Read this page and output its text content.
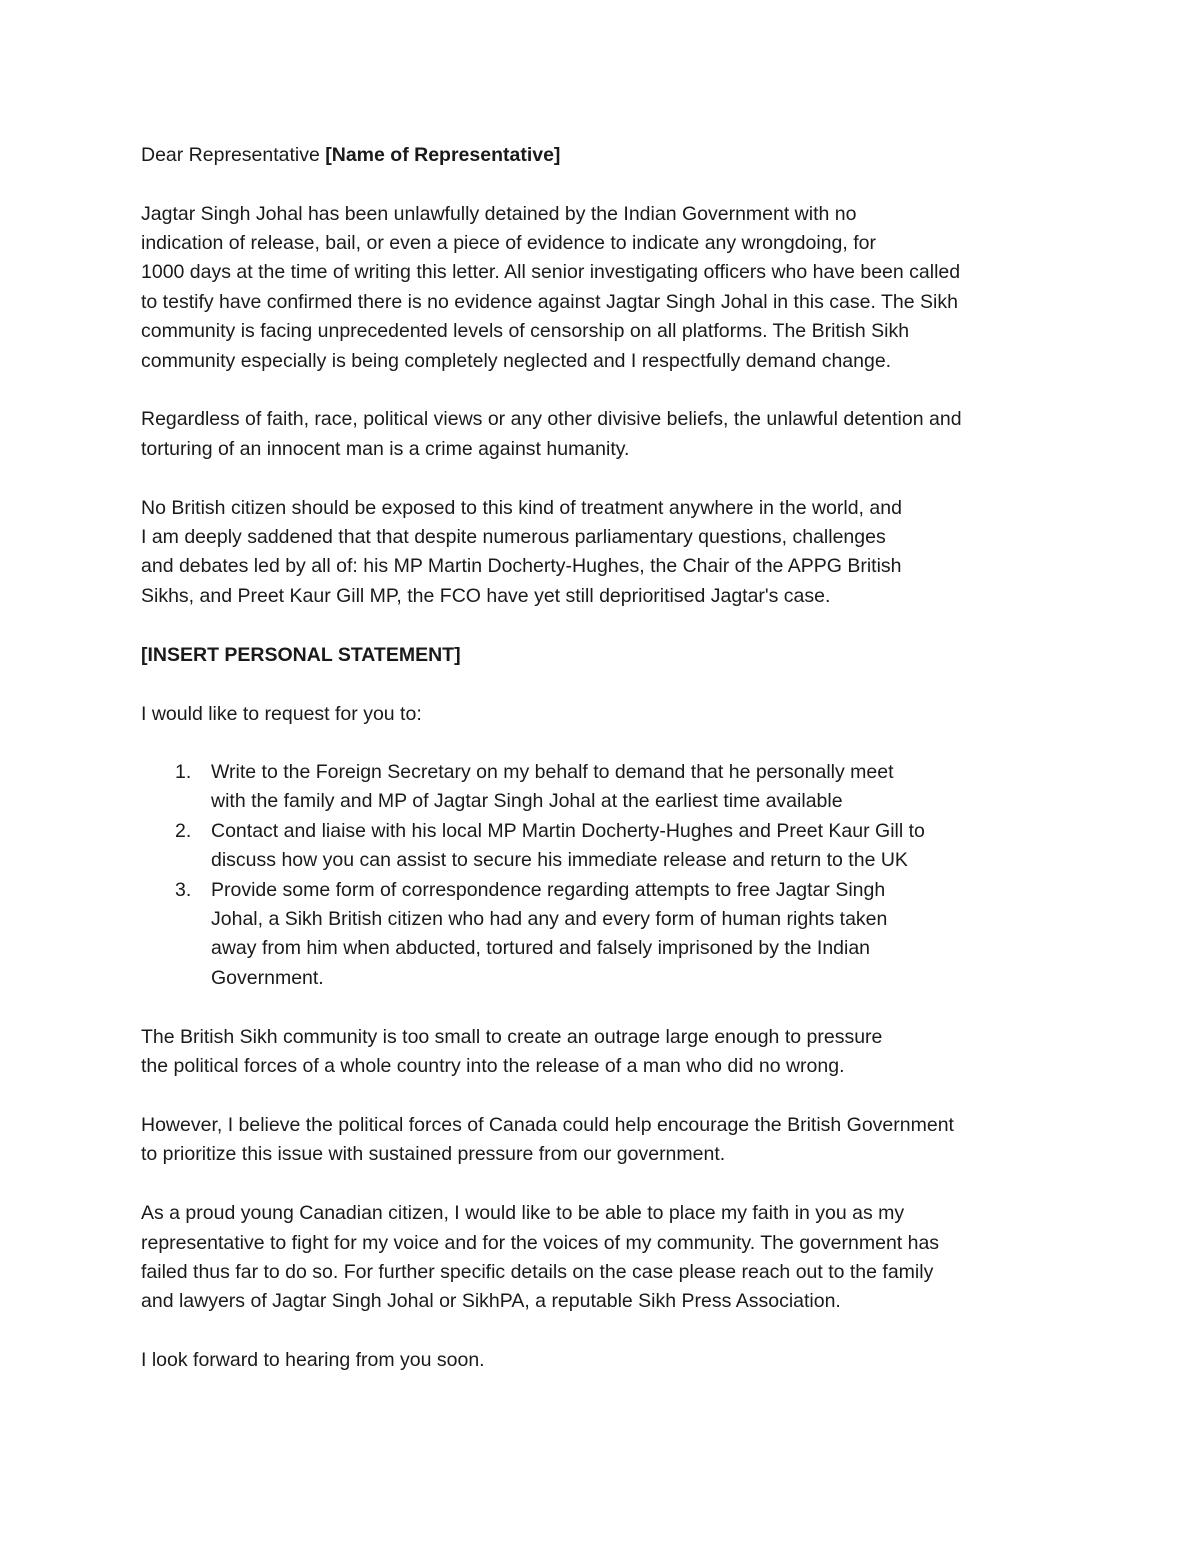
Dear Representative [Name of Representative]
Jagtar Singh Johal has been unlawfully detained by the Indian Government with no
indication of release, bail, or even a piece of evidence to indicate any wrongdoing, for
1000 days at the time of writing this letter. All senior investigating officers who have been called
to testify have confirmed there is no evidence against Jagtar Singh Johal in this case. The Sikh
community is facing unprecedented levels of censorship on all platforms. The British Sikh
community especially is being completely neglected and I respectfully demand change.
Regardless of faith, race, political views or any other divisive beliefs, the unlawful detention and
torturing of an innocent man is a crime against humanity.
No British citizen should be exposed to this kind of treatment anywhere in the world, and
I am deeply saddened that that despite numerous parliamentary questions, challenges
and debates led by all of: his MP Martin Docherty-Hughes, the Chair of the APPG British
Sikhs, and Preet Kaur Gill MP, the FCO have yet still deprioritised Jagtar's case.
[INSERT PERSONAL STATEMENT]
I would like to request for you to:
1. Write to the Foreign Secretary on my behalf to demand that he personally meet
with the family and MP of Jagtar Singh Johal at the earliest time available
2. Contact and liaise with his local MP Martin Docherty-Hughes and Preet Kaur Gill to
discuss how you can assist to secure his immediate release and return to the UK
3. Provide some form of correspondence regarding attempts to free Jagtar Singh
Johal, a Sikh British citizen who had any and every form of human rights taken
away from him when abducted, tortured and falsely imprisoned by the Indian
Government.
The British Sikh community is too small to create an outrage large enough to pressure
the political forces of a whole country into the release of a man who did no wrong.
However, I believe the political forces of Canada could help encourage the British Government
to prioritize this issue with sustained pressure from our government.
As a proud young Canadian citizen, I would like to be able to place my faith in you as my
representative to fight for my voice and for the voices of my community. The government has
failed thus far to do so. For further specific details on the case please reach out to the family
and lawyers of Jagtar Singh Johal or SikhPA, a reputable Sikh Press Association.
I look forward to hearing from you soon.
